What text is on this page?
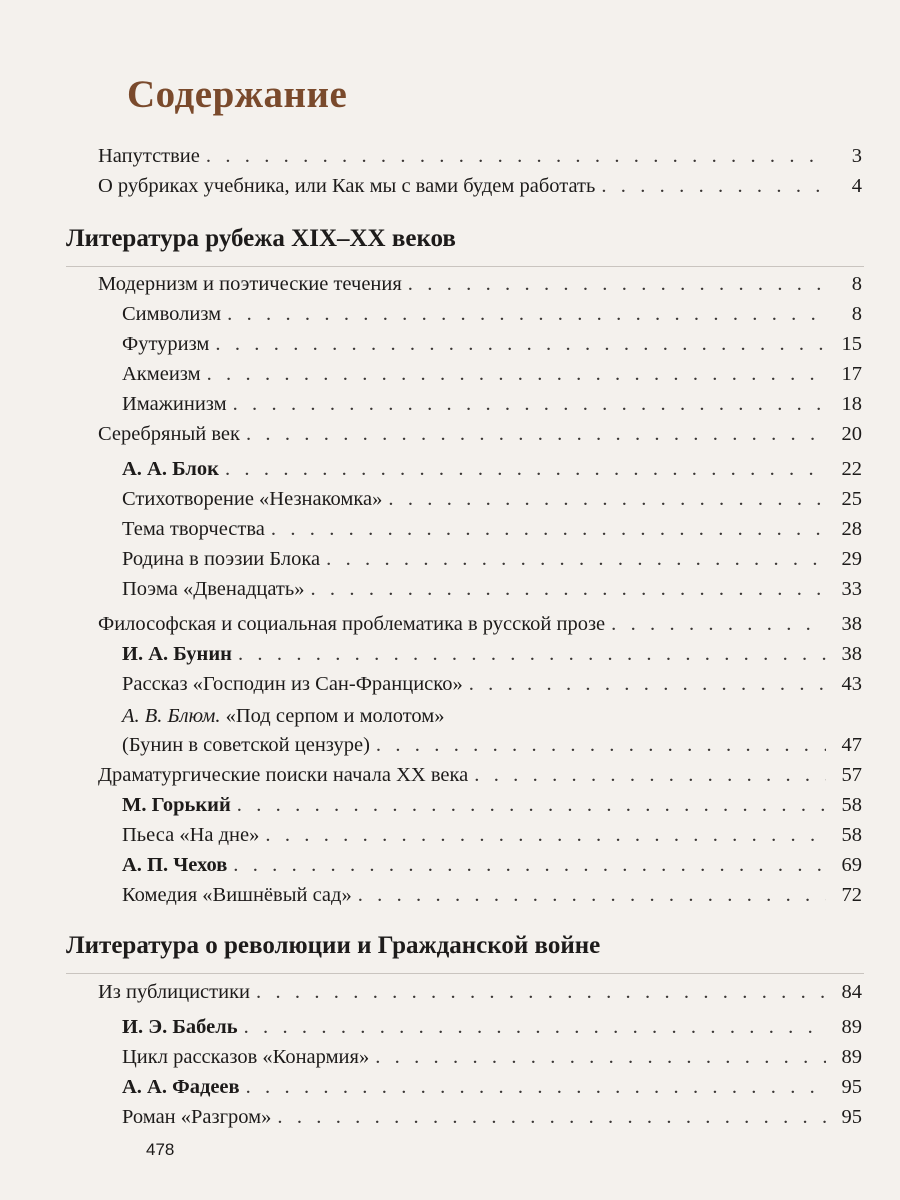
Содержание
Напутствие . . .	3
О рубриках учебника, или Как мы с вами будем работать . . .	4
Литература рубежа XIX–XX веков
Модернизм и поэтические течения . . .	8
Символизм . . .	8
Футуризм . . .	15
Акмеизм . . .	17
Имажинизм . . .	18
Серебряный век . . .	20
А. А. Блок . . .	22
Стихотворение «Незнакомка» . . .	25
Тема творчества . . .	28
Родина в поэзии Блока . . .	29
Поэма «Двенадцать» . . .	33
Философская и социальная проблематика в русской прозе . . .	38
И. А. Бунин . . .	38
Рассказ «Господин из Сан-Франциско» . . .	43
А. В. Блюм. «Под серпом и молотом»
(Бунин в советской цензуре) . . .	47
Драматургические поиски начала XX века . . .	57
М. Горький . . .	58
Пьеса «На дне» . . .	58
А. П. Чехов . . .	69
Комедия «Вишнёвый сад» . . .	72
Литература о революции и Гражданской войне
Из публицистики . . .	84
И. Э. Бабель . . .	89
Цикл рассказов «Конармия» . . .	89
А. А. Фадеев . . .	95
Роман «Разгром» . . .	95
478
